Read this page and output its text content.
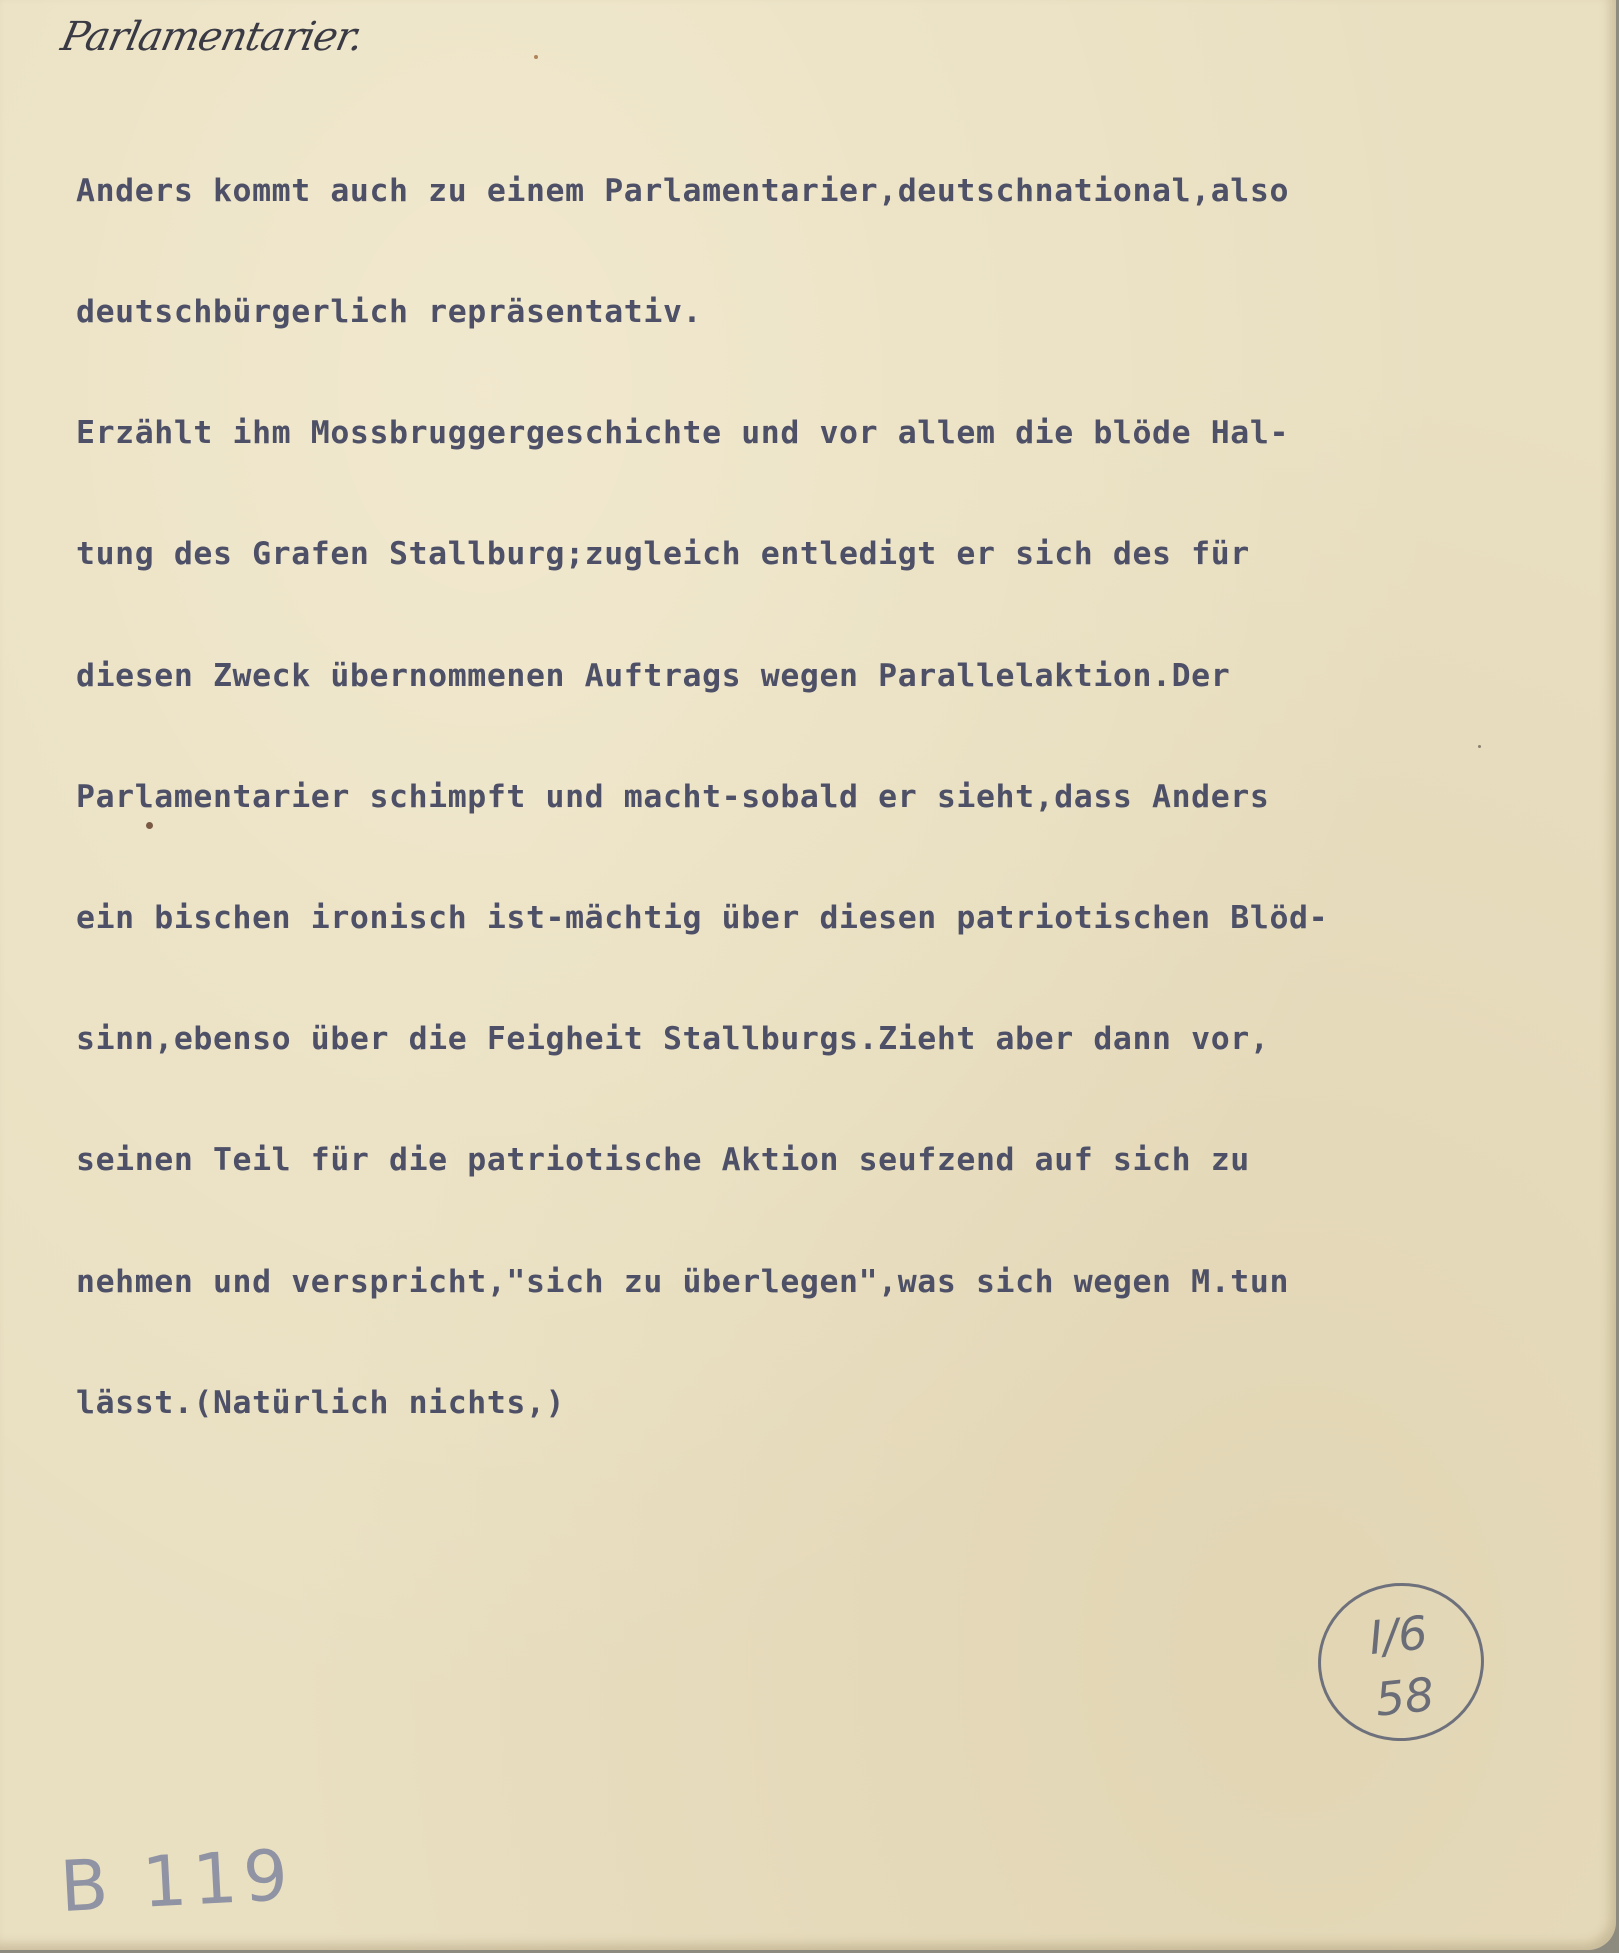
Parlamentarier.

Anders kommt auch zu einem Parlamentarier,deutschnational,also

deutschbürgerlich repräsentativ.

Erzählt ihm Mossbruggergeschichte und vor allem die blöde Hal-

tung des Grafen Stallburg;zugleich entledigt er sich des für

diesen Zweck übernommenen Auftrags wegen Parallelaktion.Der

Parlamentarier schimpft und macht-sobald er sieht,dass Anders

ein bischen ironisch ist-mächtig über diesen patriotischen Blöd-

sinn,ebenso über die Feigheit Stallburgs.Zieht aber dann vor,

seinen Teil für die patriotische Aktion seufzend auf sich zu

nehmen und verspricht,"sich zu überlegen",was sich wegen M.tun

lässt.(Natürlich nichts,)

I/6
58
B 119
